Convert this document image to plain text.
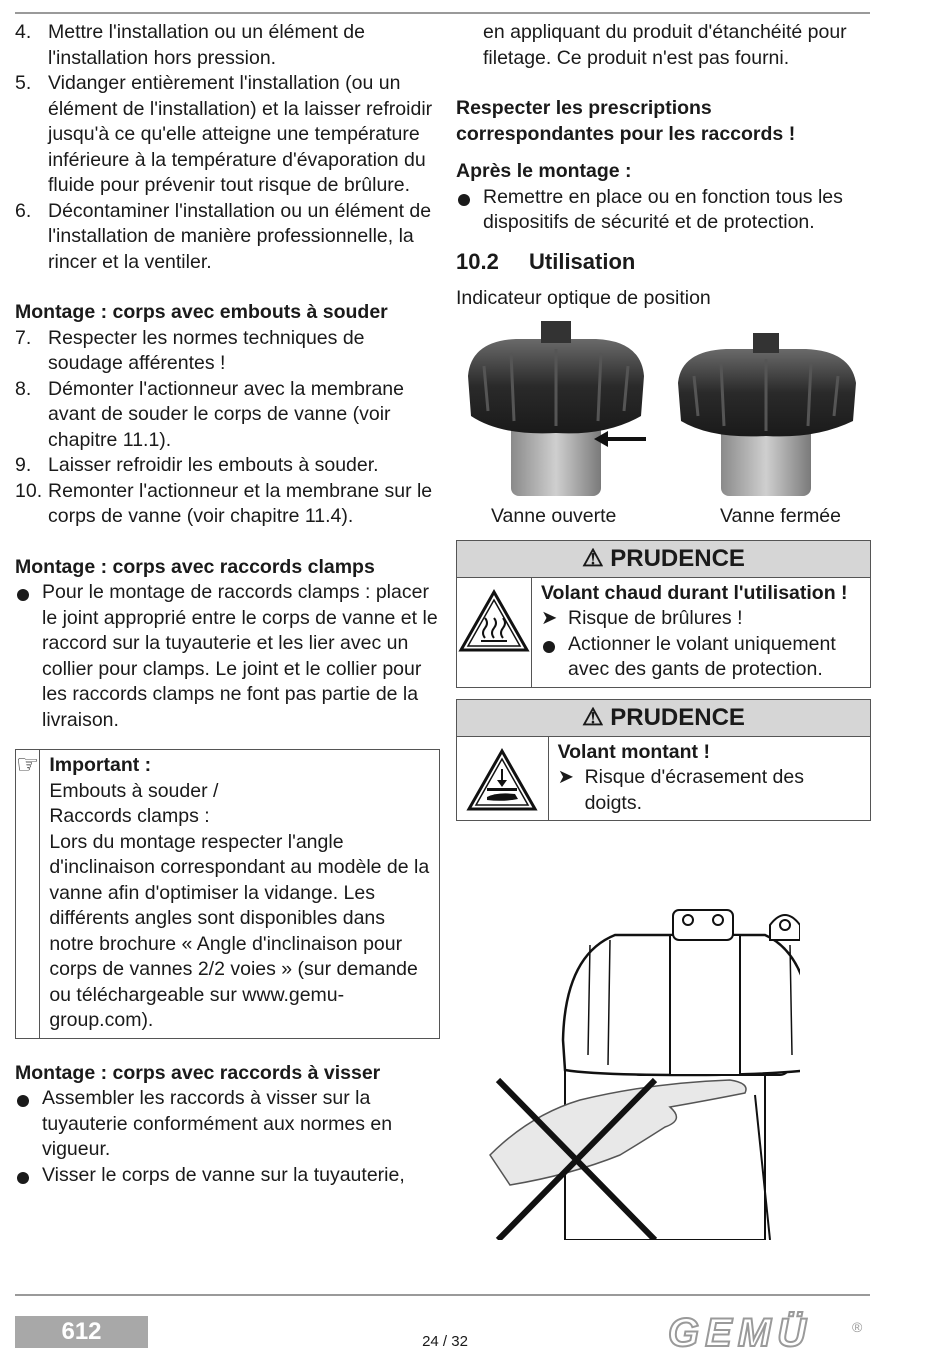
4. Mettre l'installation ou un élément de l'installation hors pression.
5. Vidanger entièrement l'installation (ou un élément de l'installation) et la laisser refroidir jusqu'à ce qu'elle atteigne une température inférieure à la température d'évaporation du fluide pour prévenir tout risque de brûlure.
6. Décontaminer l'installation ou un élément de l'installation de manière professionnelle, la rincer et la ventiler.

Montage : corps avec embouts à souder

7. Respecter les normes techniques de soudage afférentes !
8. Démonter l'actionneur avec la membrane avant de souder le corps de vanne (voir chapitre 11.1).
9. Laisser refroidir les embouts à souder.
10. Remonter l'actionneur et la membrane sur le corps de vanne (voir chapitre 11.4).

Montage : corps avec raccords clamps

Pour le montage de raccords clamps : placer le joint approprié entre le corps de vanne et le raccord sur la tuyauterie et les lier avec un collier pour clamps. Le joint et le collier pour les raccords clamps ne font pas partie de la livraison.
☞ Important :
Embouts à souder /
Raccords clamps :
Lors du montage respecter l'angle d'inclinaison correspondant au modèle de la vanne afin d'optimiser la vidange. Les différents angles sont disponibles dans notre brochure « Angle d'inclinaison pour corps de vannes 2/2 voies » (sur demande ou téléchargeable sur www.gemu-group.com).

Montage : corps avec raccords à visser

Assembler les raccords à visser sur la tuyauterie conformément aux normes en vigueur.
Visser le corps de vanne sur la tuyauterie,
en appliquant du produit d'étanchéité pour filetage. Ce produit n'est pas fourni.

Respecter les prescriptions correspondantes pour les raccords !

Après le montage :

Remettre en place ou en fonction tous les dispositifs de sécurité et de protection.
10.2 Utilisation
Indicateur optique de position
Vanne ouverte	Vanne fermée
⚠ PRUDENCE
Volant chaud durant l'utilisation !
➤ Risque de brûlures !
Actionner le volant uniquement avec des gants de protection.
⚠ PRUDENCE
Volant montant !
➤ Risque d'écrasement des doigts.
612	24 / 32	GEMÜ	®
